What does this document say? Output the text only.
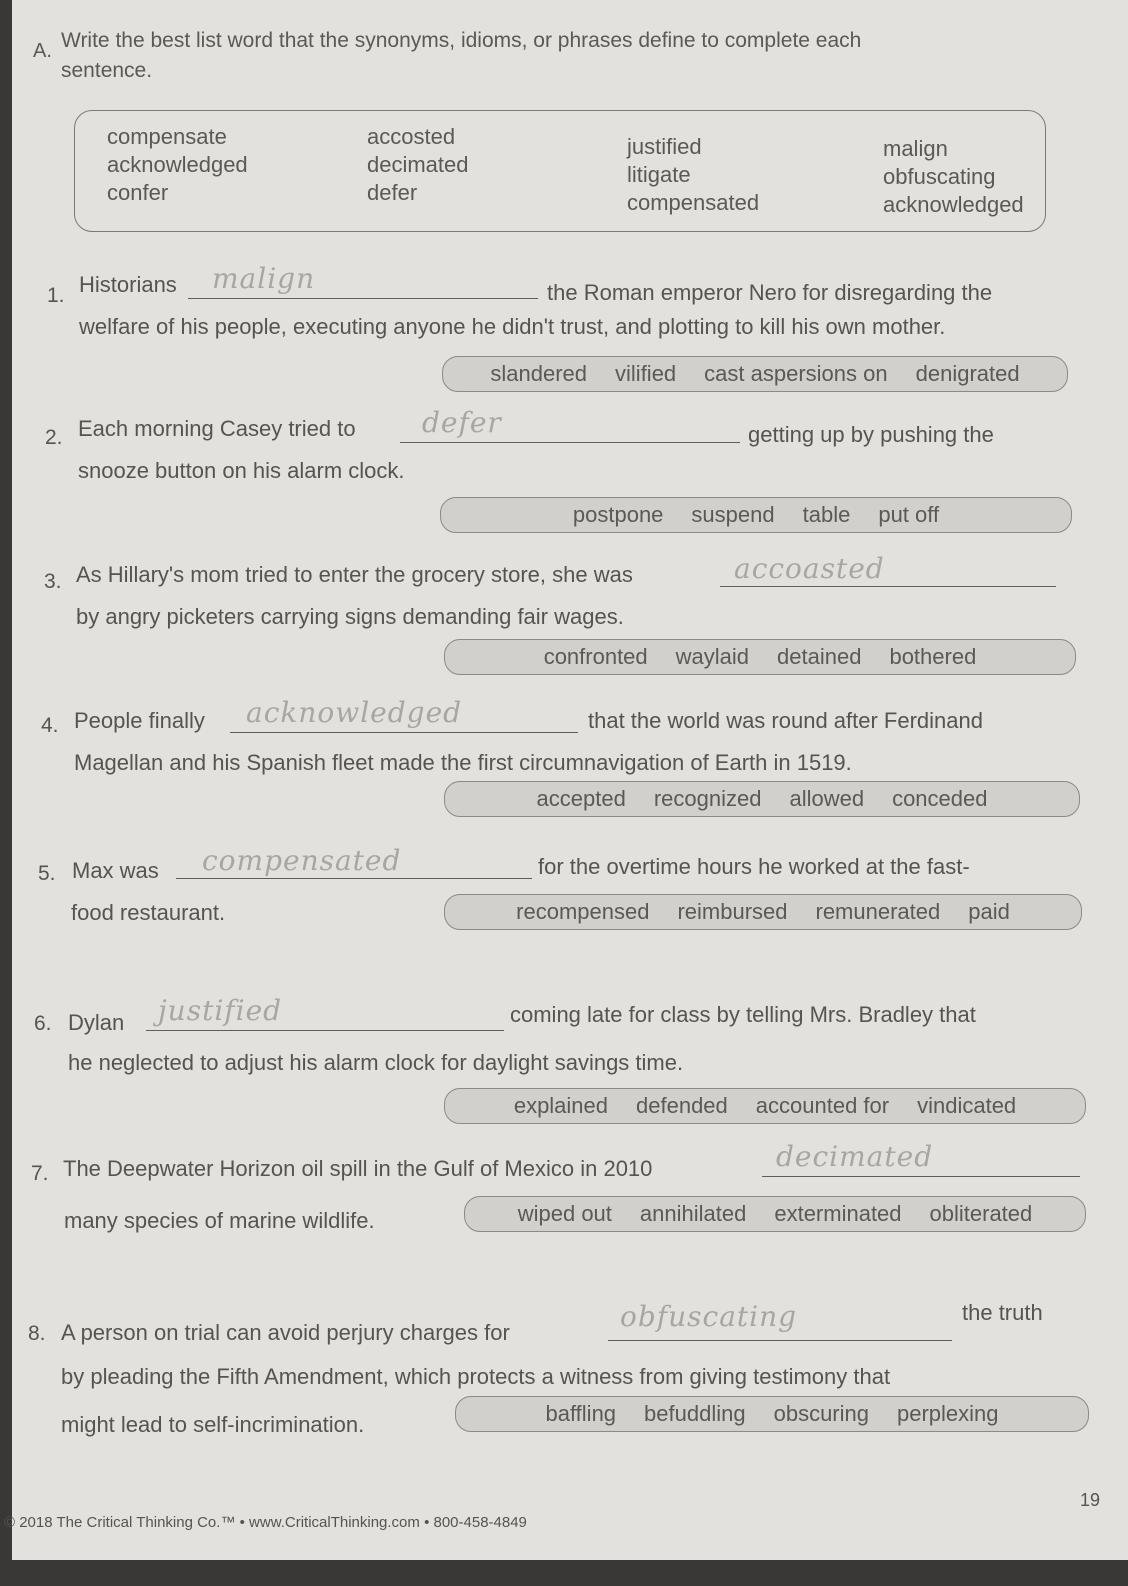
A. Write the best list word that the synonyms, idioms, or phrases define to complete each sentence.
compensate
acknowledged
confer
accosted
decimated
defer
justified
litigate
compensated
malign
obfuscating
acknowledged
1. Historians malign	the Roman emperor Nero for disregarding the
welfare of his people, executing anyone he didn't trust, and plotting to kill his own mother.
slandered vilified cast aspersions on denigrated
2. Each morning Casey tried to defer	getting up by pushing the
snooze button on his alarm clock.
postpone suspend table put off
3. As Hillary's mom tried to enter the grocery store, she was	accoasted
by angry picketers carrying signs demanding fair wages.
confronted waylaid detained bothered
4. People finally acknowledged	that the world was round after Ferdinand
Magellan and his Spanish fleet made the first circumnavigation of Earth in 1519.
accepted recognized allowed conceded
5. Max was compensated	for the overtime hours he worked at the fast-
food restaurant.	recompensed reimbursed remunerated paid
6. Dylan justified	coming late for class by telling Mrs. Bradley that
he neglected to adjust his alarm clock for daylight savings time.
explained defended accounted for vindicated
7. The Deepwater Horizon oil spill in the Gulf of Mexico in 2010	decimated
many species of marine wildlife.	wiped out annihilated exterminated obliterated
8. A person on trial can avoid perjury charges for	obfuscating	the truth
by pleading the Fifth Amendment, which protects a witness from giving testimony that
might lead to self-incrimination.	baffling befuddling obscuring perplexing
19
© 2018 The Critical Thinking Co.™ • www.CriticalThinking.com • 800-458-4849
